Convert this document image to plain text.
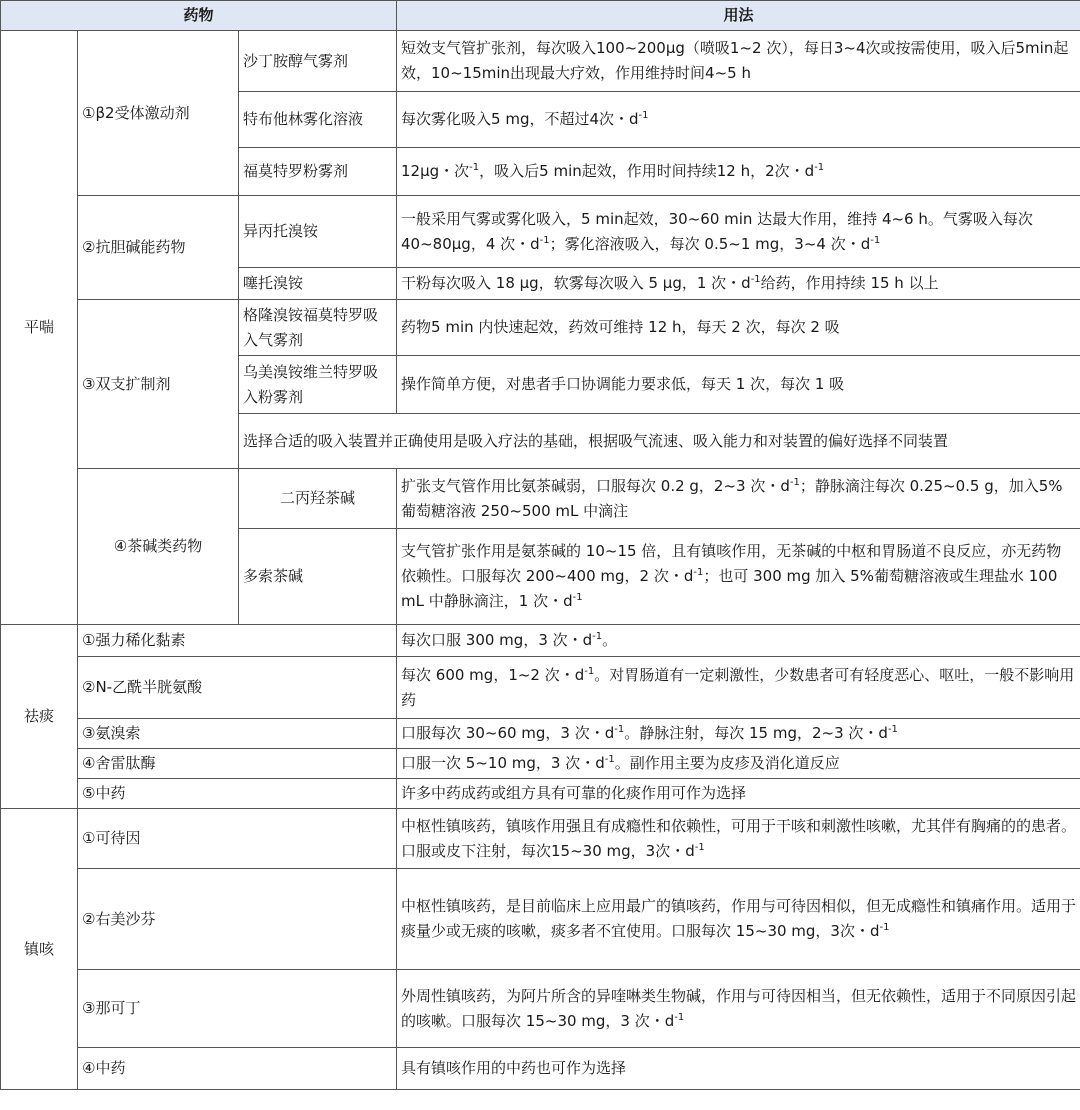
药物			用法
平喘	①β2受体激动剂	沙丁胺醇气雾剂	短效支气管扩张剂，每次吸入100~200μg（喷吸1~2 次），每日3~4次或按需使用，吸入后5min起效，10~15min出现最大疗效，作用维持时间4~5 h
		特布他林雾化溶液	每次雾化吸入5 mg，不超过4次・$d^{-1}$
		福莫特罗粉雾剂	12μg・次$^{-1}$，吸入后5 min起效，作用时间持续12 h，2次・$d^{-1}$
	②抗胆碱能药物	异丙托溴铵	一般采用气雾或雾化吸入，5 min起效，30~60 min 达最大作用，维持 4~6 h。气雾吸入每次40~80μg，4 次・$d^{-1}$；雾化溶液吸入，每次 0.5~1 mg，3~4 次・$d^{-1}$
		噻托溴铵	干粉每次吸入 18 μg，软雾每次吸入 5 μg，1 次・$d^{-1}$给药，作用持续 15 h 以上
	③双支扩制剂	格隆溴铵福莫特罗吸入气雾剂	药物5 min 内快速起效，药效可维持 12 h，每天 2 次，每次 2 吸
		乌美溴铵维兰特罗吸入粉雾剂	操作简单方便，对患者手口协调能力要求低，每天 1 次，每次 1 吸
		选择合适的吸入装置并正确使用是吸入疗法的基础，根据吸气流速、吸入能力和对装置的偏好选择不同装置	
	④茶碱类药物	二丙羟茶碱	扩张支气管作用比氨茶碱弱，口服每次 0.2 g，2~3 次・$d^{-1}$；静脉滴注每次 0.25~0.5 g，加入5%葡萄糖溶液 250~500 mL 中滴注
		多索茶碱	支气管扩张作用是氨茶碱的 10~15 倍，且有镇咳作用，无茶碱的中枢和胃肠道不良反应，亦无药物依赖性。口服每次 200~400 mg，2 次・$d^{-1}$；也可 300 mg 加入 5%葡萄糖溶液或生理盐水 100 mL 中静脉滴注，1 次・$d^{-1}$
祛痰	①强力稀化黏素		每次口服 300 mg，3 次・$d^{-1}$。
	②N-乙酰半胱氨酸		每次 600 mg，1~2 次・$d^{-1}$。对胃肠道有一定刺激性，少数患者可有轻度恶心、呕吐，一般不影响用药
	③氨溴索		口服每次 30~60 mg，3 次・$d^{-1}$。静脉注射，每次 15 mg，2~3 次・$d^{-1}$
	④舍雷肽酶		口服一次 5~10 mg，3 次・$d^{-1}$。副作用主要为皮疹及消化道反应
	⑤中药		许多中药成药或组方具有可靠的化痰作用可作为选择
镇咳	①可待因		中枢性镇咳药，镇咳作用强且有成瘾性和依赖性，可用于干咳和刺激性咳嗽，尤其伴有胸痛的的患者。口服或皮下注射，每次15~30 mg，3次・$d^{-1}$
	②右美沙芬		中枢性镇咳药，是目前临床上应用最广的镇咳药，作用与可待因相似，但无成瘾性和镇痛作用。适用于痰量少或无痰的咳嗽，痰多者不宜使用。口服每次 15~30 mg，3次・$d^{-1}$
	③那可丁		外周性镇咳药，为阿片所含的异喹啉类生物碱，作用与可待因相当，但无依赖性，适用于不同原因引起的咳嗽。口服每次 15~30 mg，3 次・$d^{-1}$
	④中药		具有镇咳作用的中药也可作为选择
